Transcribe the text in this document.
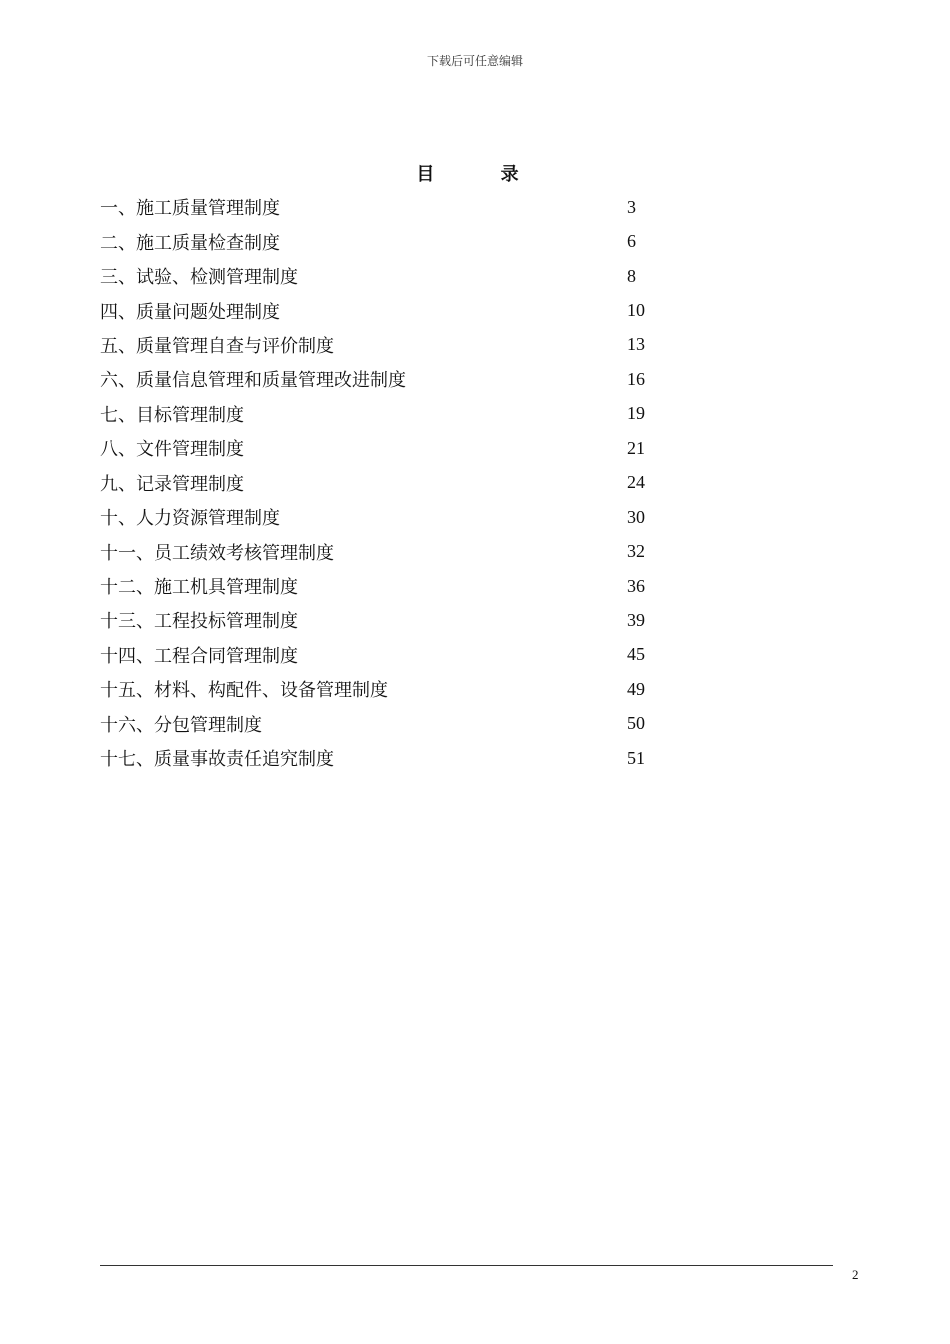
下载后可任意编辑
目 录
一、施工质量管理制度	3
二、施工质量检查制度	6
三、试验、检测管理制度	8
四、质量问题处理制度	10
五、质量管理自查与评价制度	13
六、质量信息管理和质量管理改进制度	16
七、目标管理制度	19
八、文件管理制度	21
九、记录管理制度	24
十、人力资源管理制度	30
十一、员工绩效考核管理制度	32
十二、施工机具管理制度	36
十三、工程投标管理制度	39
十四、工程合同管理制度	45
十五、材料、构配件、设备管理制度	49
十六、分包管理制度	50
十七、质量事故责任追究制度	51
2
